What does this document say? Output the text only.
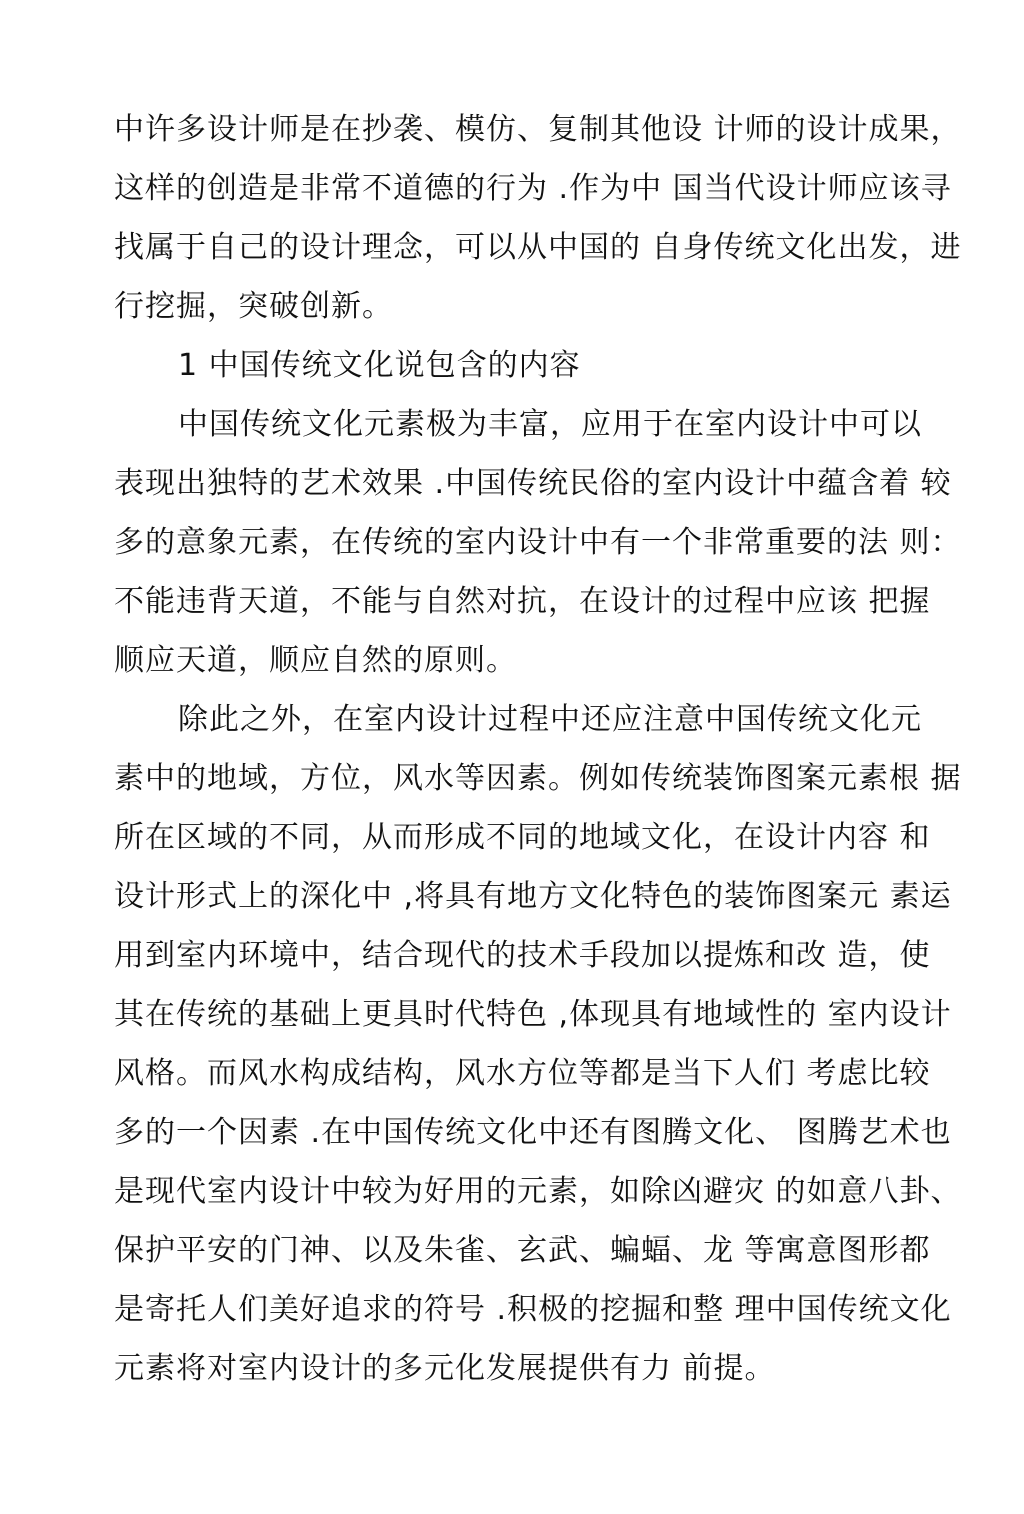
中许多设计师是在抄袭、模仿、复制其他设 计师的设计成果，
这样的创造是非常不道德的行为 .作为中 国当代设计师应该寻
找属于自己的设计理念，可以从中国的 自身传统文化出发，进
行挖掘，突破创新。
1 中国传统文化说包含的内容
中国传统文化元素极为丰富，应用于在室内设计中可以
表现出独特的艺术效果 .中国传统民俗的室内设计中蕴含着 较
多的意象元素，在传统的室内设计中有一个非常重要的法 则：
不能违背天道，不能与自然对抗，在设计的过程中应该 把握
顺应天道，顺应自然的原则。
除此之外，在室内设计过程中还应注意中国传统文化元
素中的地域，方位，风水等因素。例如传统装饰图案元素根 据
所在区域的不同，从而形成不同的地域文化，在设计内容 和
设计形式上的深化中 ,将具有地方文化特色的装饰图案元 素运
用到室内环境中，结合现代的技术手段加以提炼和改 造，使
其在传统的基础上更具时代特色 ,体现具有地域性的 室内设计
风格。而风水构成结构，风水方位等都是当下人们 考虑比较
多的一个因素 .在中国传统文化中还有图腾文化、 图腾艺术也
是现代室内设计中较为好用的元素，如除凶避灾 的如意八卦、
保护平安的门神、以及朱雀、玄武、蝙蝠、龙 等寓意图形都
是寄托人们美好追求的符号 .积极的挖掘和整 理中国传统文化
元素将对室内设计的多元化发展提供有力 前提。
